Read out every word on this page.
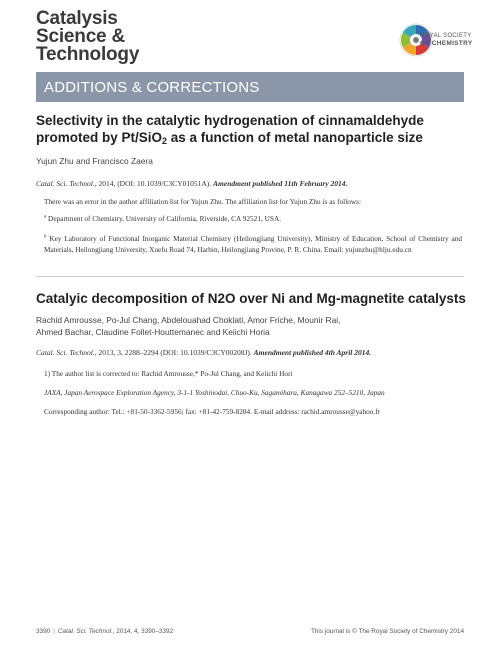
Catalysis
Science &
Technology
ROYAL SOCIETY
OF CHEMISTRY
ADDITIONS & CORRECTIONS
Selectivity in the catalytic hydrogenation of cinnamaldehyde
promoted by Pt/SiO$_2$ as a function of metal nanoparticle size
Yujun Zhu and Francisco Zaera
Catal. Sci. Technol., 2014, (DOI: 10.1039/C3CY01051A). Amendment published 11th February 2014.
There was an error in the author affiliation list for Yujun Zhu. The affiliation list for Yujun Zhu is as follows:
$^a$ Department of Chemistry, University of California, Riverside, CA 92521, USA.
$^b$ Key Laboratory of Functional Inorganic Material Chemistry (Heilongjiang University), Ministry of Education, School of Chemistry and Materials, Heilongjiang University, Xuefu Road 74, Harbin, Heilongjiang Provine, P. R. China. Email: yujunzhu@hlju.edu.cn
Catalyic decomposition of N2O over Ni and Mg-magnetite catalysts
Rachid Amrousse, Po-Jul Chang, Abdelouahad Choklati, Amor Friche, Mounir Rai,
Ahmed Bachar, Claudine Follet-Houttemanec and Keiichi Horia
Catal. Sci. Technol., 2013, 3, 2288–2294 (DOI: 10.1039/C3CY00208J). Amendment published 4th April 2014.
1) The author list is corrected to: Rachid Amrousse,* Po-Jul Chang, and Keiichi Hori
JAXA, Japan Aerospace Exploration Agency, 3-1-1 Yoshinodai, Chuo-Ku, Sagamihara, Kanagawa 252–5210, Japan
Corresponding author: Tel.: +81-50-3362-5956; fax: +81-42-759-8284. E-mail address: rachid.amrousse@yahoo.fr
3390 | Catal. Sci. Technol., 2014, 4, 3390–3392	This journal is © The Royal Society of Chemistry 2014
